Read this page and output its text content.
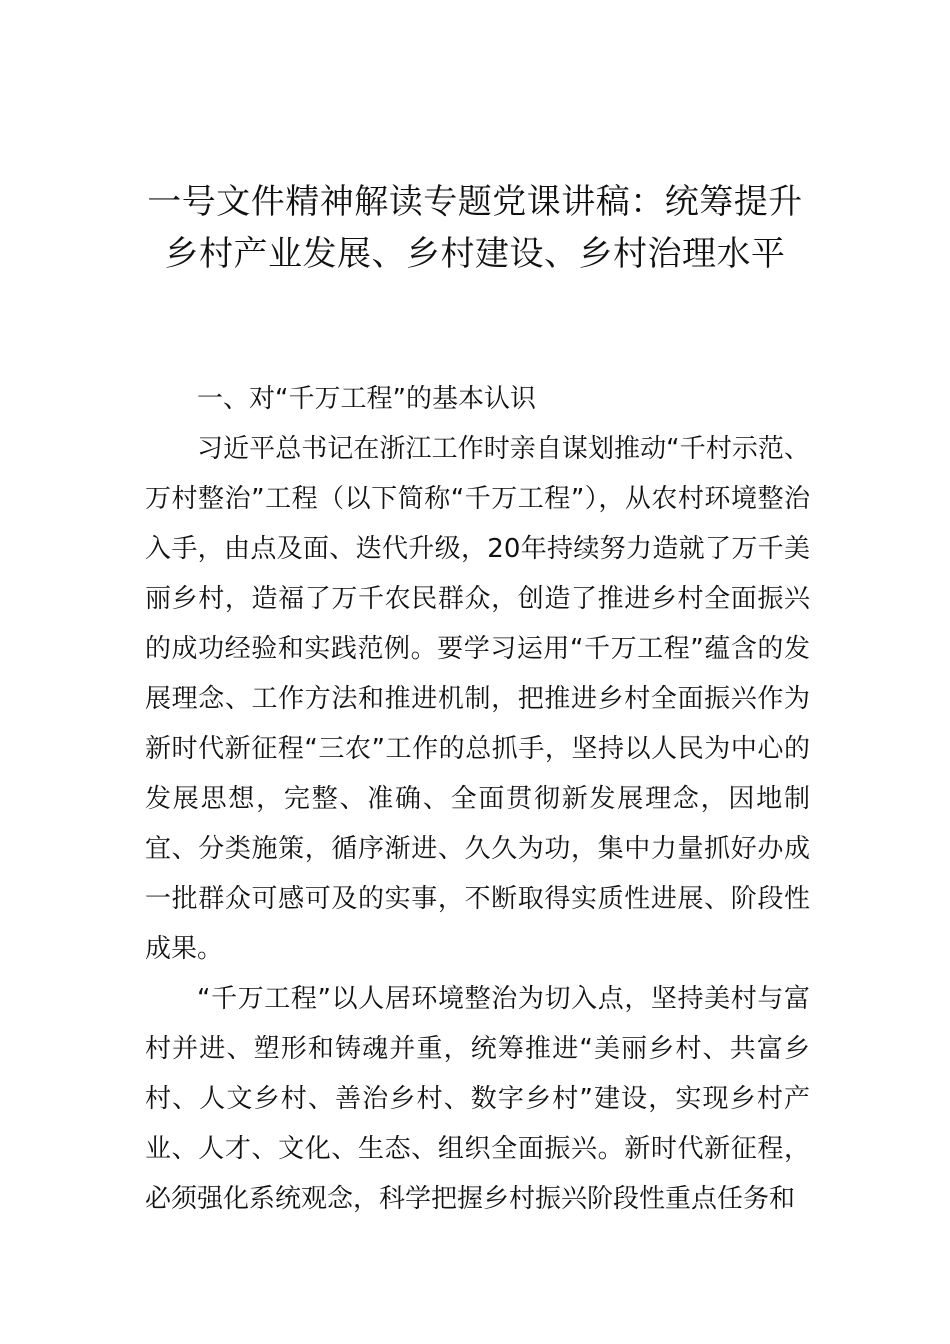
一号文件精神解读专题党课讲稿：统筹提升乡村产业发展、乡村建设、乡村治理水平
一、对“千万工程”的基本认识

习近平总书记在浙江工作时亲自谋划推动“千村示范、万村整治”工程（以下简称“千万工程”），从农村环境整治入手，由点及面、迭代升级，20年持续努力造就了万千美丽乡村，造福了万千农民群众，创造了推进乡村全面振兴的成功经验和实践范例。要学习运用“千万工程”蕴含的发展理念、工作方法和推进机制，把推进乡村全面振兴作为新时代新征程“三农”工作的总抓手，坚持以人民为中心的发展思想，完整、准确、全面贯彻新发展理念，因地制宜、分类施策，循序渐进、久久为功，集中力量抓好办成一批群众可感可及的实事，不断取得实质性进展、阶段性成果。

“千万工程”以人居环境整治为切入点，坚持美村与富村并进、塑形和铸魂并重，统筹推进“美丽乡村、共富乡村、人文乡村、善治乡村、数字乡村”建设，实现乡村产业、人才、文化、生态、组织全面振兴。新时代新征程，必须强化系统观念，科学把握乡村振兴阶段性重点任务和
